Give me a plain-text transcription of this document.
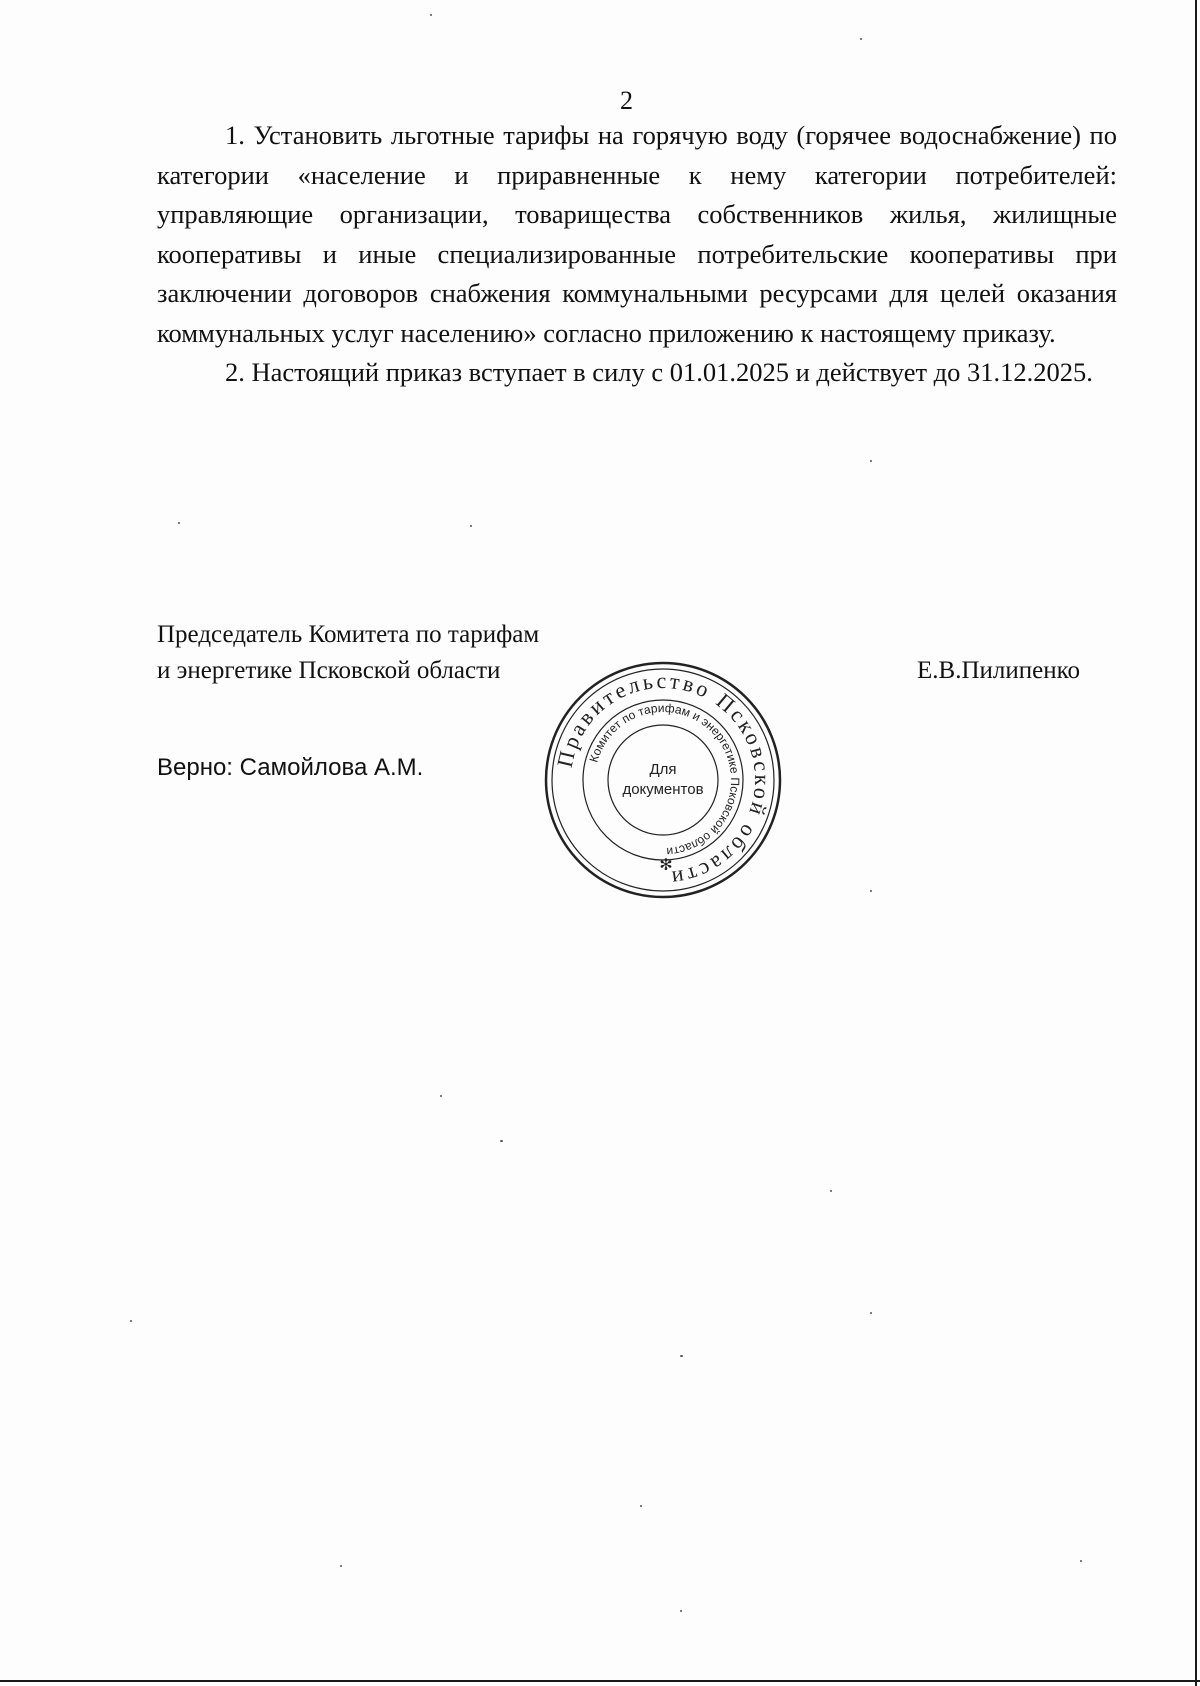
2

1. Установить льготные тарифы на горячую воду (горячее водоснабжение) по категории «население и приравненные к нему категории потребителей: управляющие организации, товарищества собственников жилья, жилищные кооперативы и иные специализированные потребительские кооперативы при заключении договоров снабжения коммунальными ресурсами для целей оказания коммунальных услуг населению» согласно приложению к настоящему приказу.

2. Настоящий приказ вступает в силу с 01.01.2025 и действует до 31.12.2025.

Председатель Комитета по тарифам
и энергетике Псковской области	Е.В.Пилипенко
Верно: Самойлова А.М.	Правительство Псковской области
Комитет по тарифам и энергетике Псковской области
Для
документов
✻
